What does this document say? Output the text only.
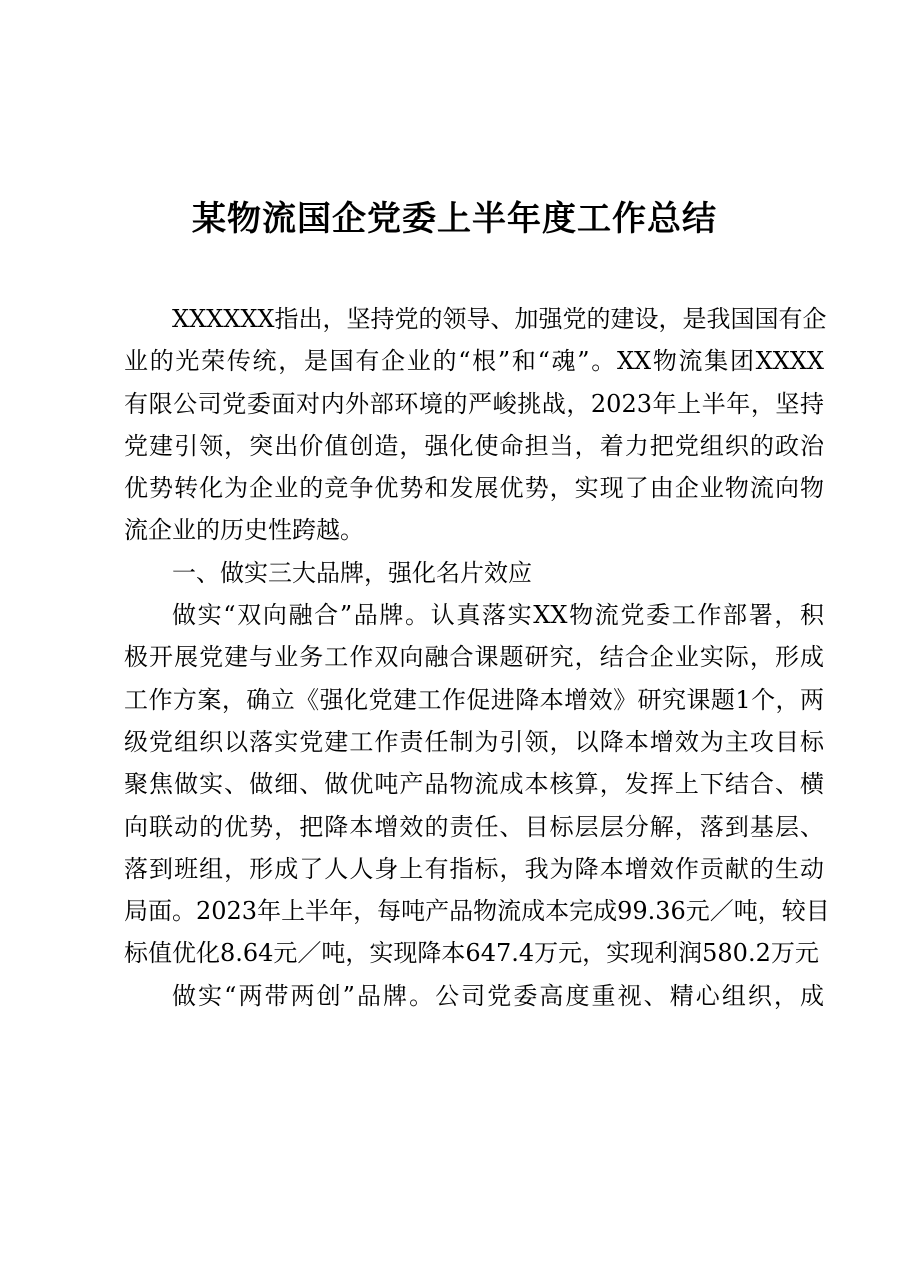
某物流国企党委上半年度工作总结
XXXXXX指出，坚持党的领导、加强党的建设，是我国国有企
业的光荣传统，是国有企业的“根”和“魂”。XX物流集团XXXX
有限公司党委面对内外部环境的严峻挑战，2023年上半年，坚持
党建引领，突出价值创造，强化使命担当，着力把党组织的政治
优势转化为企业的竞争优势和发展优势，实现了由企业物流向物
流企业的历史性跨越。
一、做实三大品牌，强化名片效应
做实“双向融合”品牌。认真落实XX物流党委工作部署，积
极开展党建与业务工作双向融合课题研究，结合企业实际，形成
工作方案，确立《强化党建工作促进降本增效》研究课题1个，两
级党组织以落实党建工作责任制为引领，以降本增效为主攻目标
聚焦做实、做细、做优吨产品物流成本核算，发挥上下结合、横
向联动的优势，把降本增效的责任、目标层层分解，落到基层、
落到班组，形成了人人身上有指标，我为降本增效作贡献的生动
局面。2023年上半年，每吨产品物流成本完成99.36元／吨，较目
标值优化8.64元／吨，实现降本647.4万元，实现利润580.2万元
做实“两带两创”品牌。公司党委高度重视、精心组织，成
